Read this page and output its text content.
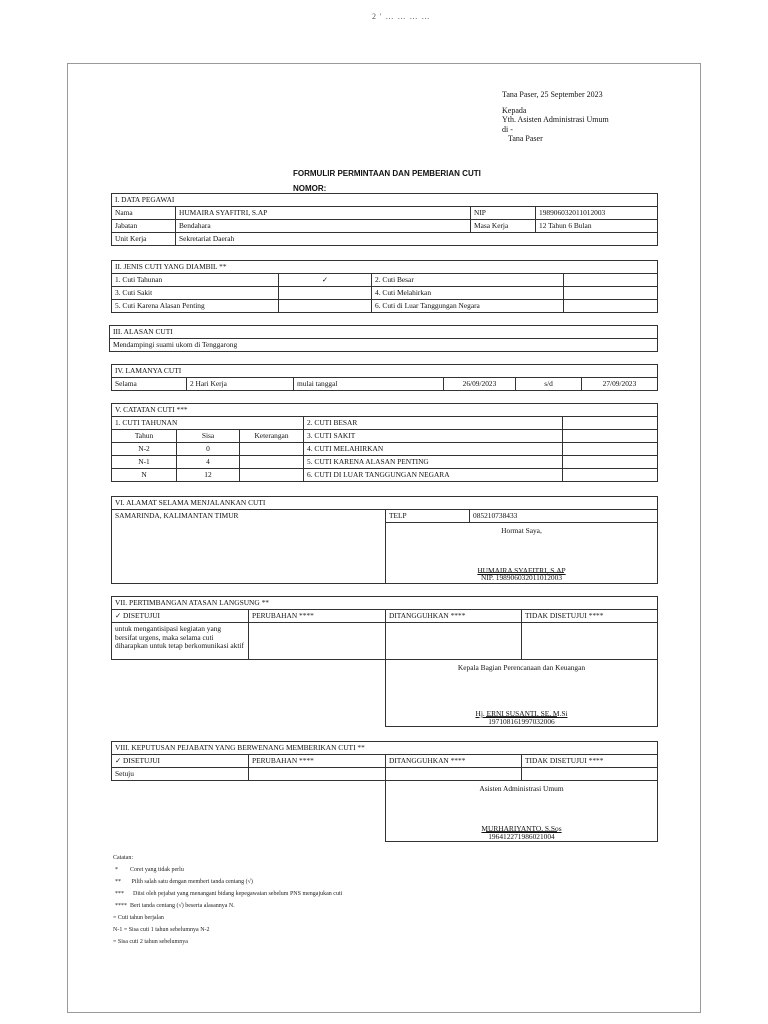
2 ' … … … …
Tana Paser, 25 September 2023
Kepada
Yth. Asisten Administrasi Umum
di -
Tana Paser
FORMULIR PERMINTAAN DAN PEMBERIAN CUTI
NOMOR:
I. DATA PEGAWAI			
Nama	HUMAIRA SYAFITRI, S.AP	NIP	198906032011012003
Jabatan	Bendahara	Masa Kerja	12 Tahun 6 Bulan
Unit Kerja	Sekretariat Daerah		
II. JENIS CUTI YANG DIAMBIL **			
1. Cuti Tahunan	✓	2. Cuti Besar	
3. Cuti Sakit		4. Cuti Melahirkan	
5. Cuti Karena Alasan Penting		6. Cuti di Luar Tanggungan Negara	
III. ALASAN CUTI
Mendampingi suami ukom di Tenggarong
IV. LAMANYA CUTI
Selama	2 Hari Kerja	mulai tanggal	26/09/2023	s/d	27/09/2023
V. CATATAN CUTI ***				
1. CUTI TAHUNAN			2. CUTI BESAR	
Tahun	Sisa	Keterangan	3. CUTI SAKIT	
N-2	0		4. CUTI MELAHIRKAN	
N-1	4		5. CUTI KARENA ALASAN PENTING	
N	12		6. CUTI DI LUAR TANGGUNGAN NEGARA	
VI. ALAMAT SELAMA MENJALANKAN CUTI
SAMARINDA, KALIMANTAN TIMUR	TELP	085210738433

Hormat Saya,
HUMAIRA SYAFITRI, S.AP
NIP. 198906032011012003
VII. PERTIMBANGAN ATASAN LANGSUNG **			
✓ DISETUJUI	PERUBAHAN ****	DITANGGUHKAN ****	TIDAK DISETUJUI ****
untuk mengantisipasi kegiatan yang bersifat urgens, maka selama cuti diharapkan untuk tetap berkomunikasi aktif			

		Kepala Bagian Perencanaan dan Keuangan
Hj. ERNI SUSANTI, SE, M.Si
197108161997032006	
VIII. KEPUTUSAN PEJABATN YANG BERWENANG MEMBERIKAN CUTI **			
✓ DISETUJUI	PERUBAHAN ****	DITANGGUHKAN ****	TIDAK DISETUJUI ****
Setuju			

		Asisten Administrasi Umum
MURHARIYANTO, S.Sos
196412271986021004	
Catatan:
*        Coret yang tidak perlu
**       Pilih salah satu dengan memberi tanda centang (√)
***      Diisi oleh pejabat yang menangani bidang kepegawaian sebelum PNS mengajukan cuti
****  Beri tanda centang (√) beserta alasannya N.
= Cuti tahun berjalan
N-1 = Sisa cuti 1 tahun sebelumnya N-2
= Sisa cuti 2 tahun sebelumnya
